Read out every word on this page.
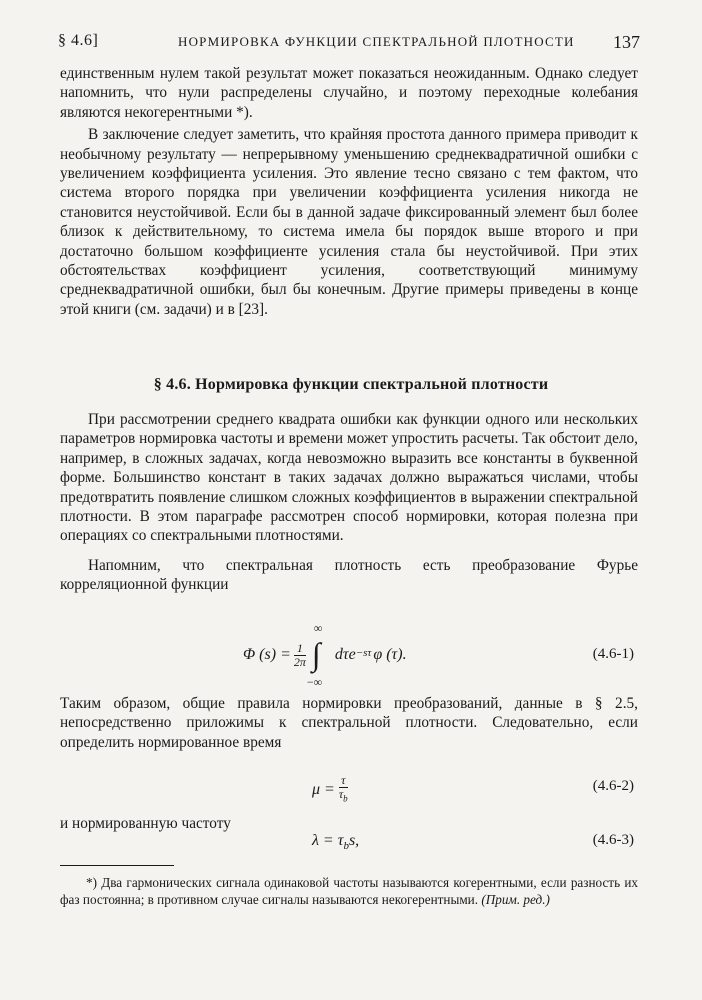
§ 4.6]	НОРМИРОВКА ФУНКЦИИ СПЕКТРАЛЬНОЙ ПЛОТНОСТИ 137

единственным нулем такой результат может показаться неожиданным. Однако следует напомнить, что нули распределены случайно, и поэтому переходные колебания являются некогерентными *).

В заключение следует заметить, что крайняя простота данного примера приводит к необычному результату — непрерывному уменьшению среднеквадратичной ошибки с увеличением коэффициента усиления. Это явление тесно связано с тем фактом, что система второго порядка при увеличении коэффициента усиления никогда не становится неустойчивой. Если бы в данной задаче фиксированный элемент был более близок к действительному, то система имела бы порядок выше второго и при достаточно большом коэффициенте усиления стала бы неустойчивой. При этих обстоятельствах коэффициент усиления, соответствующий минимуму среднеквадратичной ошибки, был бы конечным. Другие примеры приведены в конце этой книги (см. задачи) и в [23].

§ 4.6. Нормировка функции спектральной плотности

При рассмотрении среднего квадрата ошибки как функции одного или нескольких параметров нормировка частоты и времени может упростить расчеты. Так обстоит дело, например, в сложных задачах, когда невозможно выразить все константы в буквенной форме. Большинство констант в таких задачах должно выражаться числами, чтобы предотвратить появление слишком сложных коэффициентов в выражении спектральной плотности. В этом параграфе рассмотрен способ нормировки, которая полезна при операциях со спектральными плотностями.

Напомним, что спектральная плотность есть преобразование Фурье корреляционной функции

Φ $(s) = \frac{1}{2\pi}$
∞
∫
−∞
dτe$^{-s\tau}$ φ (τ).	(4.6-1)

Таким образом, общие правила нормировки преобразований, данные в § 2.5, непосредственно приложимы к спектральной плотности. Следовательно, если определить нормированное время

$\mu = \frac{\tau}{\tau_b}$	(4.6-2)

и нормированную частоту

$\lambda = \tau_bs$,	(4.6-3)
*) Два гармонических сигнала одинаковой частоты называются когерентными, если разность их фаз постоянна; в противном случае сигналы называются некогерентными. (Прим. ред.)
